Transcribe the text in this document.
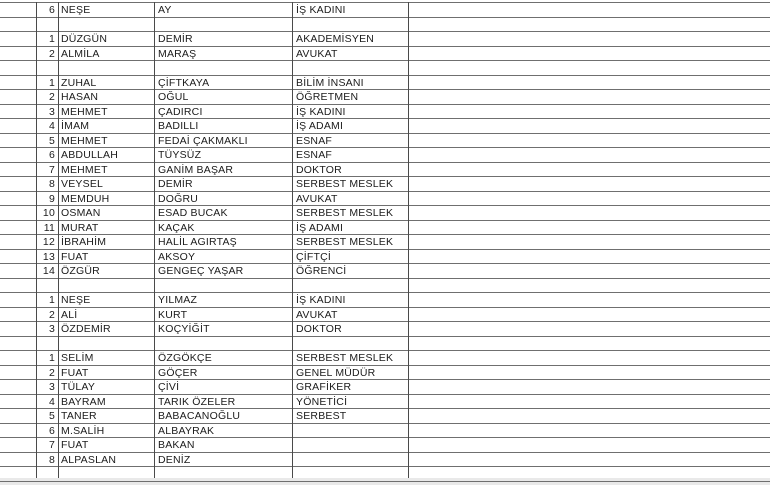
6 NEŞE	AY	İŞ KADINI
1 DÜZGÜN	DEMİR	AKADEMİSYEN
2 ALMİLA	MARAŞ	AVUKAT
1 ZUHAL	ÇİFTKAYA	BİLİM İNSANI
2 HASAN	OĞUL	ÖĞRETMEN
3 MEHMET	ÇADIRCI	İŞ KADINI
4 İMAM	BADILLI	İŞ ADAMI
5 MEHMET	FEDAİ ÇAKMAKLI	ESNAF
6 ABDULLAH	TÜYSÜZ	ESNAF
7 MEHMET	GANİM BAŞAR	DOKTOR
8 VEYSEL	DEMİR	SERBEST MESLEK
9 MEMDUH	DOĞRU	AVUKAT
10 OSMAN	ESAD BUCAK	SERBEST MESLEK
11 MURAT	KAÇAK	İŞ ADAMI
12 İBRAHİM	HALİL AGIRTAŞ	SERBEST MESLEK
13 FUAT	AKSOY	ÇİFTÇİ
14 ÖZGÜR	GENGEÇ YAŞAR	ÖĞRENCİ
1 NEŞE	YILMAZ	İŞ KADINI
2 ALİ	KURT	AVUKAT
3 ÖZDEMİR	KOÇYİĞİT	DOKTOR
1 SELİM	ÖZGÖKÇE	SERBEST MESLEK
2 FUAT	GÖÇER	GENEL MÜDÜR
3 TÜLAY	ÇİVİ	GRAFİKER
4 BAYRAM	TARIK ÖZELER	YÖNETİCİ
5 TANER	BABACANOĞLU	SERBEST
6 M.SALİH	ALBAYRAK
7 FUAT	BAKAN
8 ALPASLAN	DENİZ
